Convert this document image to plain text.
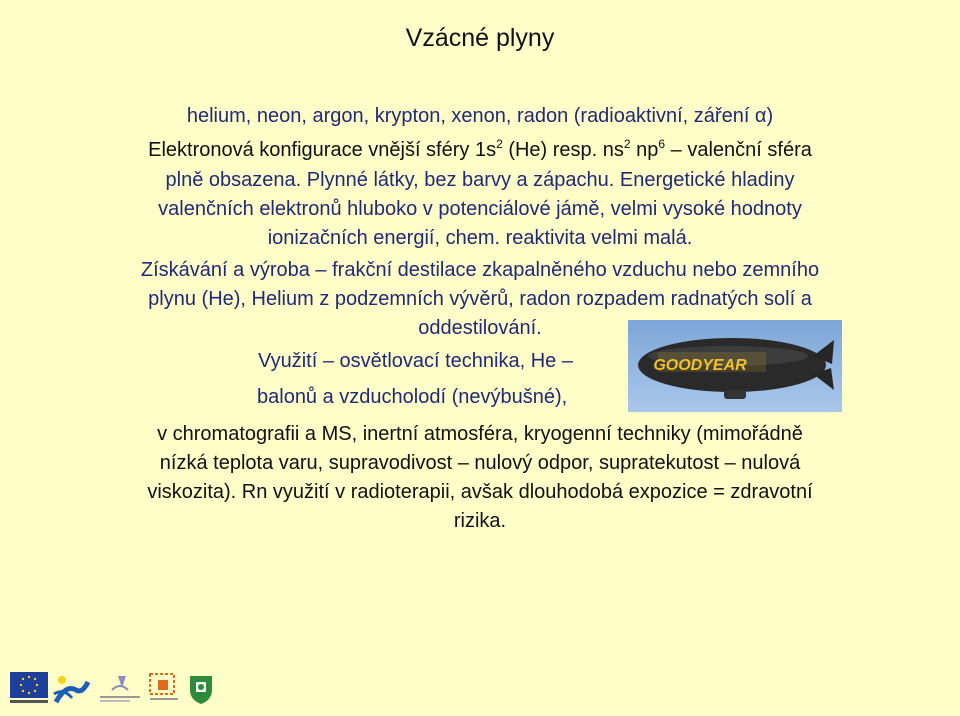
Vzácné plyny
helium, neon, argon, krypton, xenon, radon (radioaktivní, záření α)
Elektronová konfigurace vnější sféry $1s^2$ (He) resp. $ns^2$ $np^6$ – valenční sféra
plně obsazena. Plynné látky, bez barvy a zápachu. Energetické hladiny
valenčních elektronů hluboko v potenciálové jámě, velmi vysoké hodnoty
ionizačních energií, chem. reaktivita velmi malá.
Získávání a výroba – frakční destilace zkapalněného vzduchu nebo zemního
plynu (He), Helium z podzemních vývěrů, radon rozpadem radnatých solí a
oddestilování.
Využití – osvětlovací technika, He –
balonů a vzducholodí (nevýbušné),
GOODYEAR
v chromatografii a MS, inertní atmosféra, kryogenní techniky (mimořádně
nízká teplota varu, supravodivost – nulový odpor, supratekutost – nulová
viskozita). Rn využití v radioterapii, avšak dlouhodobá expozice = zdravotní
rizika.
